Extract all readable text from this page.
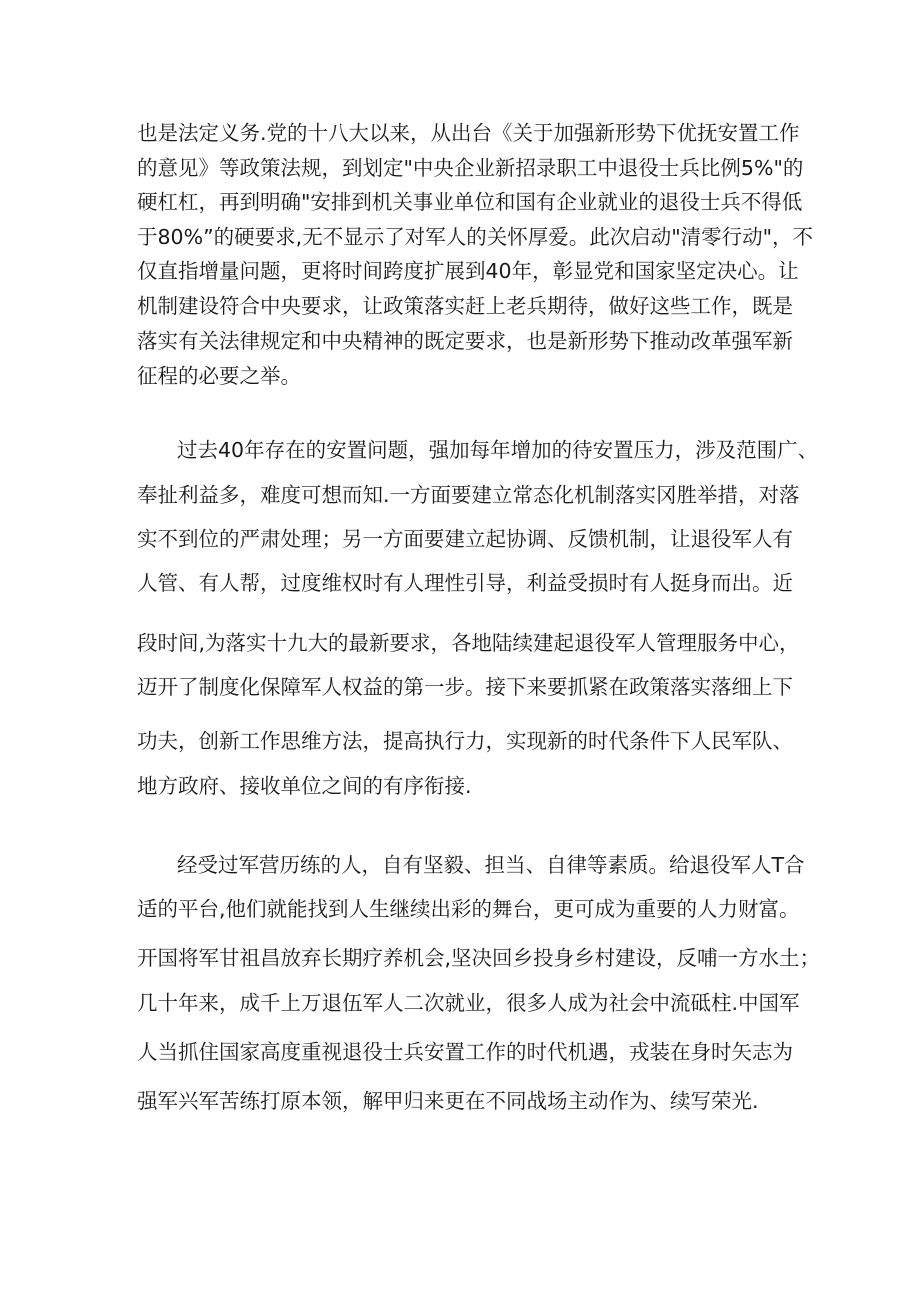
也是法定义务.党的十八大以来，从出台《关于加强新形势下优抚安置工作

的意见》等政策法规，到划定"中央企业新招录职工中退役士兵比例5%"的

硬杠杠，再到明确"安排到机关事业单位和国有企业就业的退役士兵不得低

于80%”的硬要求,无不显示了对军人的关怀厚爱。此次启动"清零行动"，不

仅直指增量问题，更将时间跨度扩展到40年，彰显党和国家坚定决心。让

机制建设符合中央要求，让政策落实赶上老兵期待，做好这些工作，既是

落实有关法律规定和中央精神的既定要求，也是新形势下推动改革强军新

征程的必要之举。

过去40年存在的安置问题，强加每年增加的待安置压力，涉及范围广、

奉扯利益多，难度可想而知.一方面要建立常态化机制落实冈胜举措，对落

实不到位的严肃处理；另一方面要建立起协调、反馈机制，让退役军人有

人管、有人帮，过度维权时有人理性引导，利益受损时有人挺身而出。近

段时间,为落实十九大的最新要求，各地陆续建起退役军人管理服务中心，

迈开了制度化保障军人权益的第一步。接下来要抓紧在政策落实落细上下

功夫，创新工作思维方法，提高执行力，实现新的时代条件下人民军队、

地方政府、接收单位之间的有序衔接.

经受过军营历练的人，自有坚毅、担当、自律等素质。给退役军人T合

适的平台,他们就能找到人生继续出彩的舞台，更可成为重要的人力财富。

开国将军甘祖昌放弃长期疗养机会,坚决回乡投身乡村建设，反哺一方水土；

几十年来，成千上万退伍军人二次就业，很多人成为社会中流砥柱.中国军

人当抓住国家高度重视退役士兵安置工作的时代机遇，戎装在身时矢志为

强军兴军苦练打原本领，解甲归来更在不同战场主动作为、续写荣光.
